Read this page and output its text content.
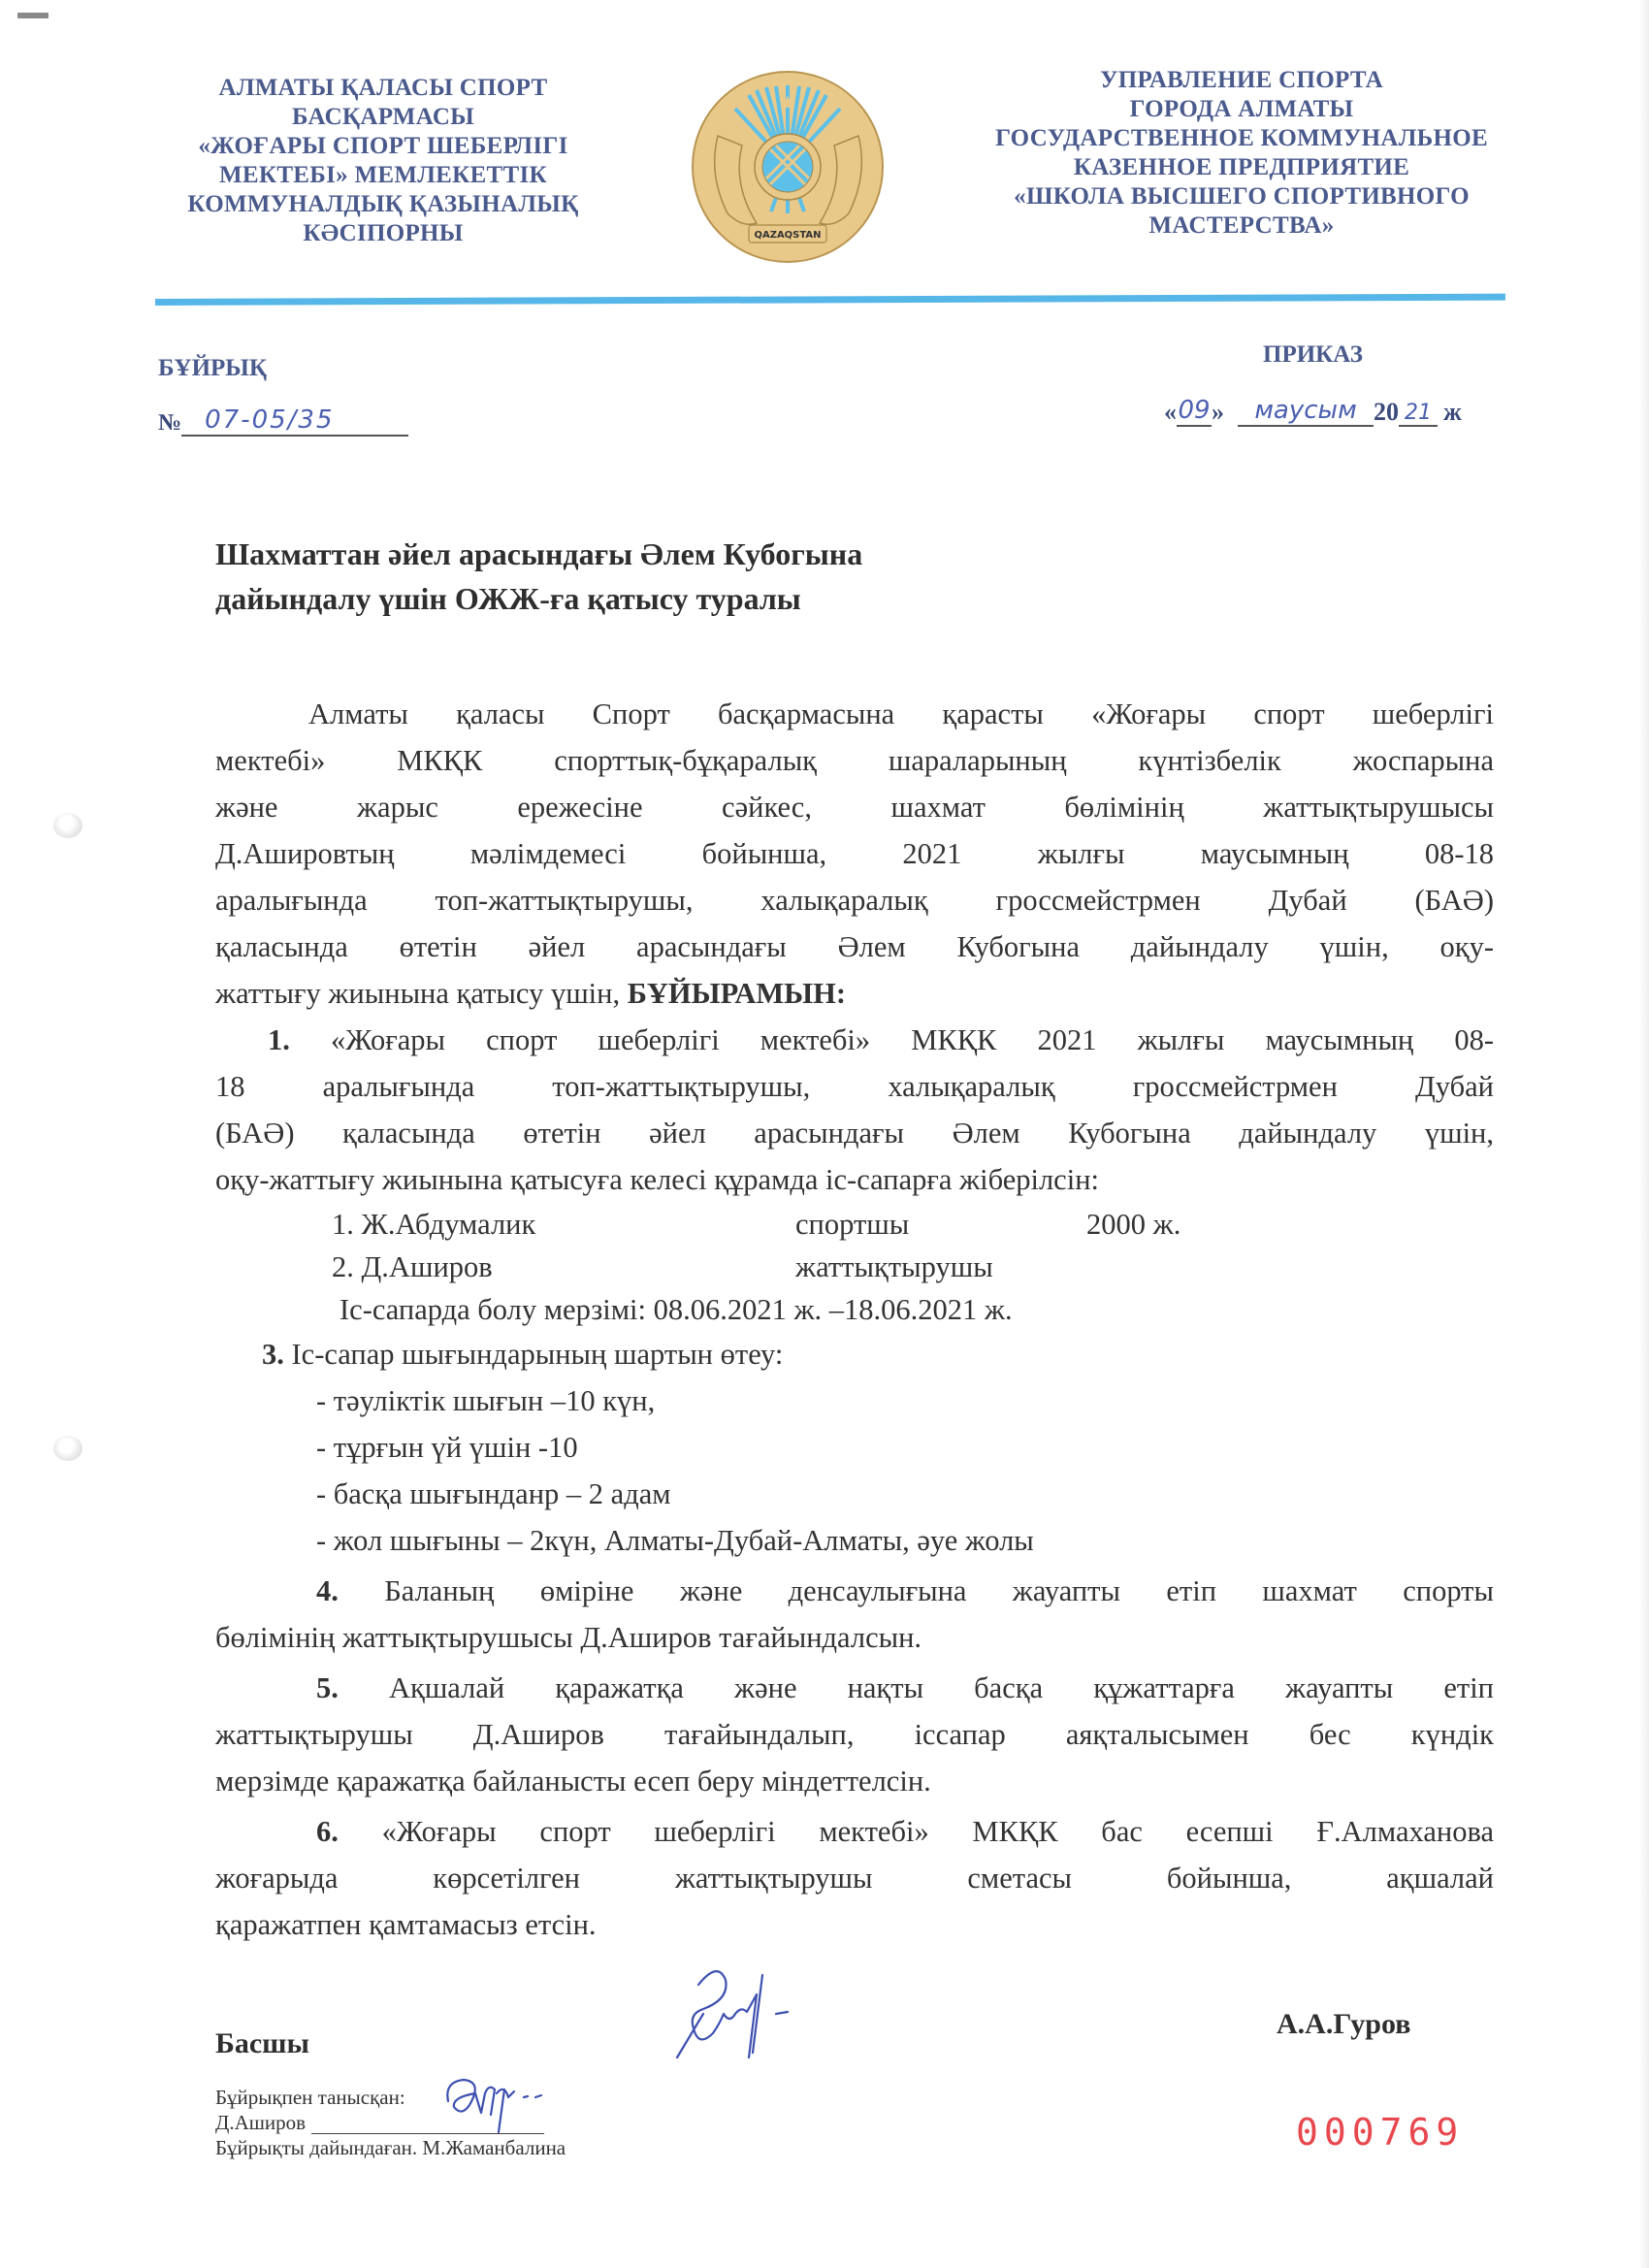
АЛМАТЫ ҚАЛАСЫ СПОРТ
БАСҚАРМАСЫ
«ЖОҒАРЫ СПОРТ ШЕБЕРЛІГІ
МЕКТЕБІ» МЕМЛЕКЕТТІК
КОММУНАЛДЫҚ ҚАЗЫНАЛЫҚ
КӘСІПОРНЫ	QAZAQSTAN
УПРАВЛЕНИЕ СПОРТА
ГОРОДА АЛМАТЫ
ГОСУДАРСТВЕННОЕ КОММУНАЛЬНОЕ
КАЗЕННОЕ ПРЕДПРИЯТИЕ
«ШКОЛА ВЫСШЕГО СПОРТИВНОГО
МАСТЕРСТВА»
БҰЙРЫҚ
ПРИКАЗ
№ 07-05/35	« 09 »	маусым 20 21 ж
Шахматтан әйел арасындағы Әлем Кубогына
дайындалу үшін ОЖЖ-ға қатысу туралы
Алматы қаласы Спорт басқармасына қарасты «Жоғары спорт шеберлігі
мектебі» МКҚК спорттық-бұқаралық шараларының күнтізбелік жоспарына
және жарыс ережесіне сәйкес, шахмат бөлімінің жаттықтырушысы
Д.Ашировтың мәлімдемесі бойынша, 2021 жылғы маусымның 08-18
аралығында топ-жаттықтырушы, халықаралық гроссмейстрмен Дубай (БАӘ)
қаласында өтетін әйел арасындағы Әлем Кубогына дайындалу үшін, оқу-
жаттығу жиынына қатысу үшін, БҰЙЫРАМЫН:
1. «Жоғары спорт шеберлігі мектебі» МКҚК 2021 жылғы маусымның 08-
18 аралығында топ-жаттықтырушы, халықаралық гроссмейстрмен Дубай
(БАӘ) қаласында өтетін әйел арасындағы Әлем Кубогына дайындалу үшін,
оқу-жаттығу жиынына қатысуға келесі құрамда іс-сапарға жіберілсін:
1. Ж.Абдумалик	спортшы	2000 ж.
2. Д.Аширов	жаттықтырушы
Іс-сапарда болу мерзімі: 08.06.2021 ж. –18.06.2021 ж.
3. Іс-сапар шығындарының шартын өтеу:
- тәуліктік шығын –10 күн,
- тұрғын үй үшін -10
- басқа шығынданр – 2 адам
- жол шығыны – 2күн, Алматы-Дубай-Алматы, әуе жолы
4. Баланың өміріне және денсаулығына жауапты етіп шахмат спорты
бөлімінің жаттықтырушысы Д.Аширов тағайындалсын.
5. Ақшалай қаражатқа және нақты басқа құжаттарға жауапты етіп
жаттықтырушы Д.Аширов тағайындалып, іссапар аяқталысымен бес күндік
мерзімде қаражатқа байланысты есеп беру міндеттелсін.
6. «Жоғары спорт шеберлігі мектебі» МКҚК бас есепші Ғ.Алмаханова
жоғарыда көрсетілген жаттықтырушы сметасы бойынша, ақшалай
қаражатпен қамтамасыз етсін.
Басшы
А.А.Гуров
Бұйрықпен танысқан:
Д.Аширов
Бұйрықты дайындаған. М.Жаманбалина	000769
